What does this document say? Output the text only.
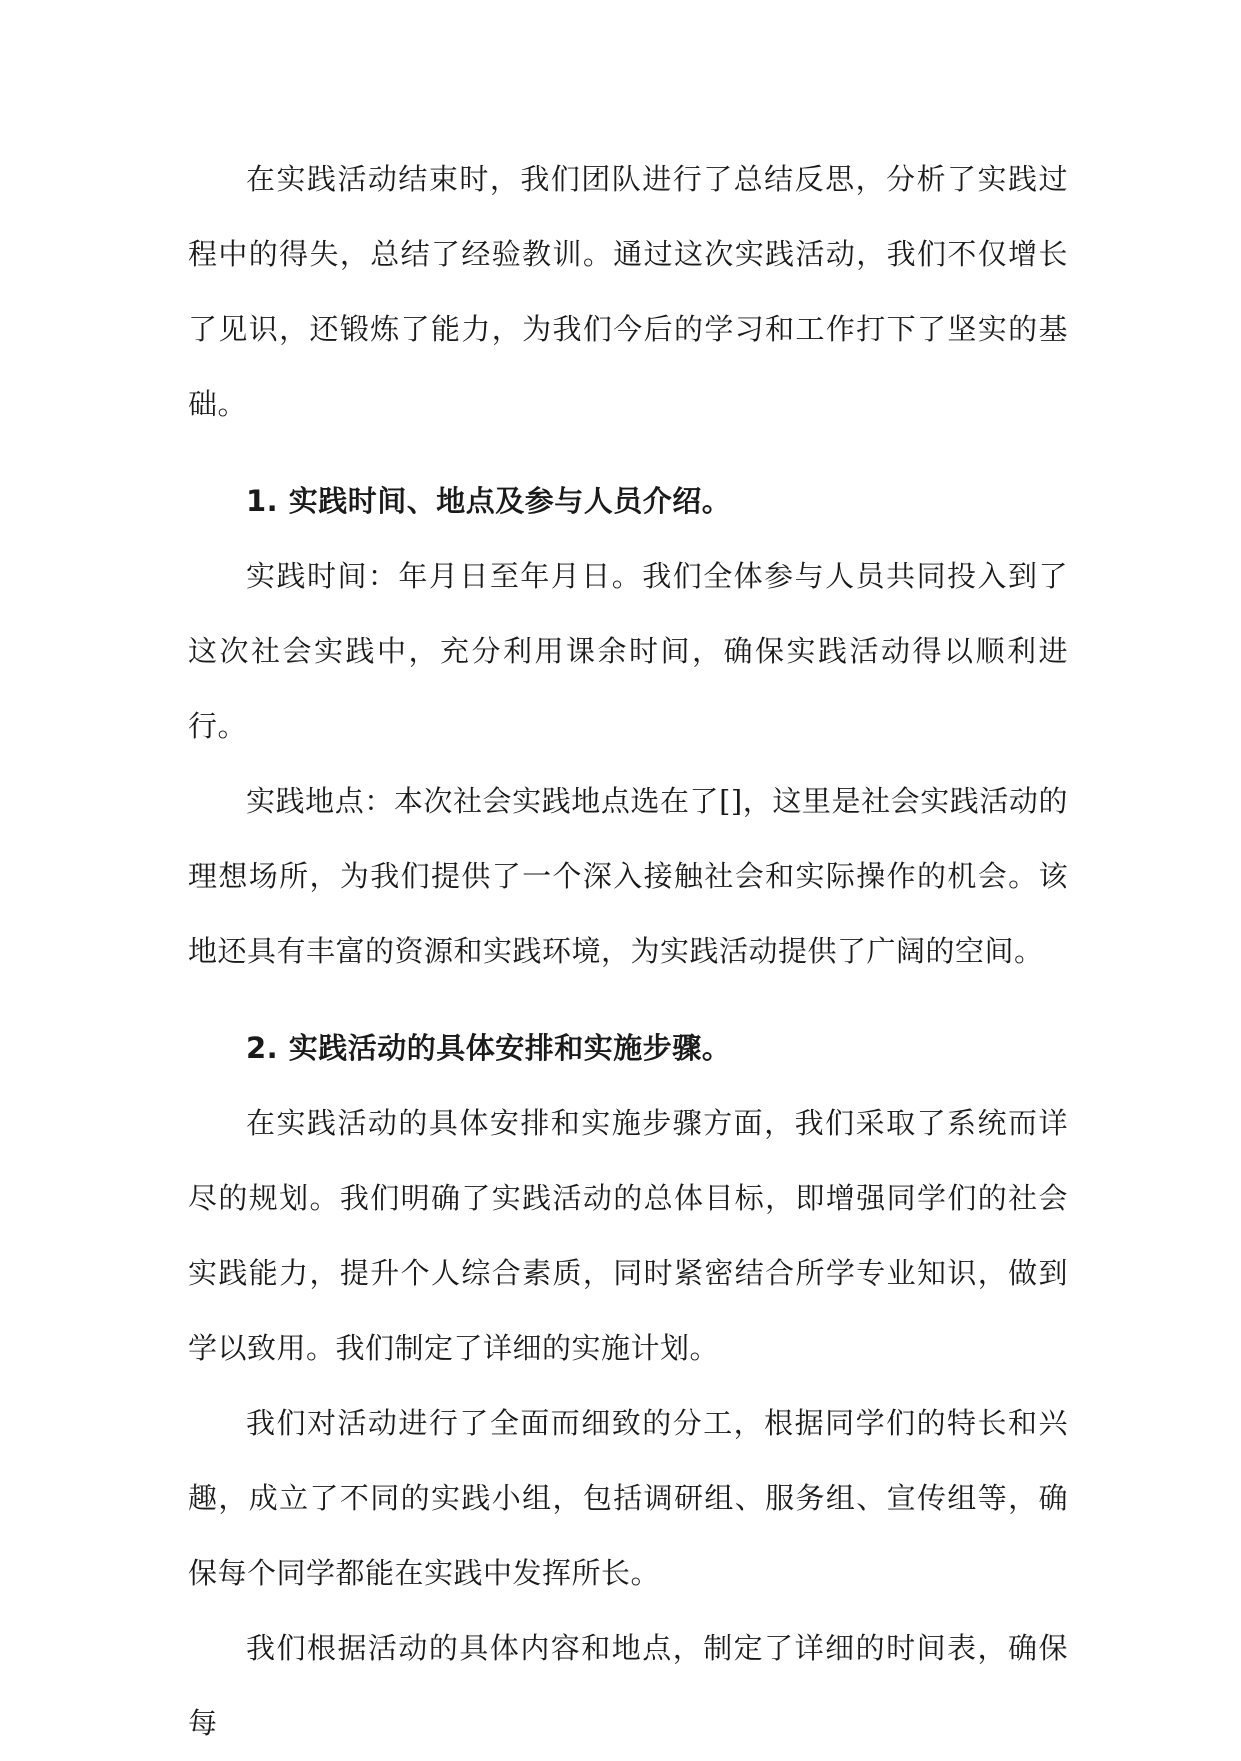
在实践活动结束时，我们团队进行了总结反思，分析了实践过程中的得失，总结了经验教训。通过这次实践活动，我们不仅增长了见识，还锻炼了能力，为我们今后的学习和工作打下了坚实的基础。

1. 实践时间、地点及参与人员介绍。

实践时间：年月日至年月日。我们全体参与人员共同投入到了这次社会实践中，充分利用课余时间，确保实践活动得以顺利进行。

实践地点：本次社会实践地点选在了[]，这里是社会实践活动的理想场所，为我们提供了一个深入接触社会和实际操作的机会。该地还具有丰富的资源和实践环境，为实践活动提供了广阔的空间。

2. 实践活动的具体安排和实施步骤。

在实践活动的具体安排和实施步骤方面，我们采取了系统而详尽的规划。我们明确了实践活动的总体目标，即增强同学们的社会实践能力，提升个人综合素质，同时紧密结合所学专业知识，做到学以致用。我们制定了详细的实施计划。

我们对活动进行了全面而细致的分工，根据同学们的特长和兴趣，成立了不同的实践小组，包括调研组、服务组、宣传组等，确保每个同学都能在实践中发挥所长。

我们根据活动的具体内容和地点，制定了详细的时间表，确保每
